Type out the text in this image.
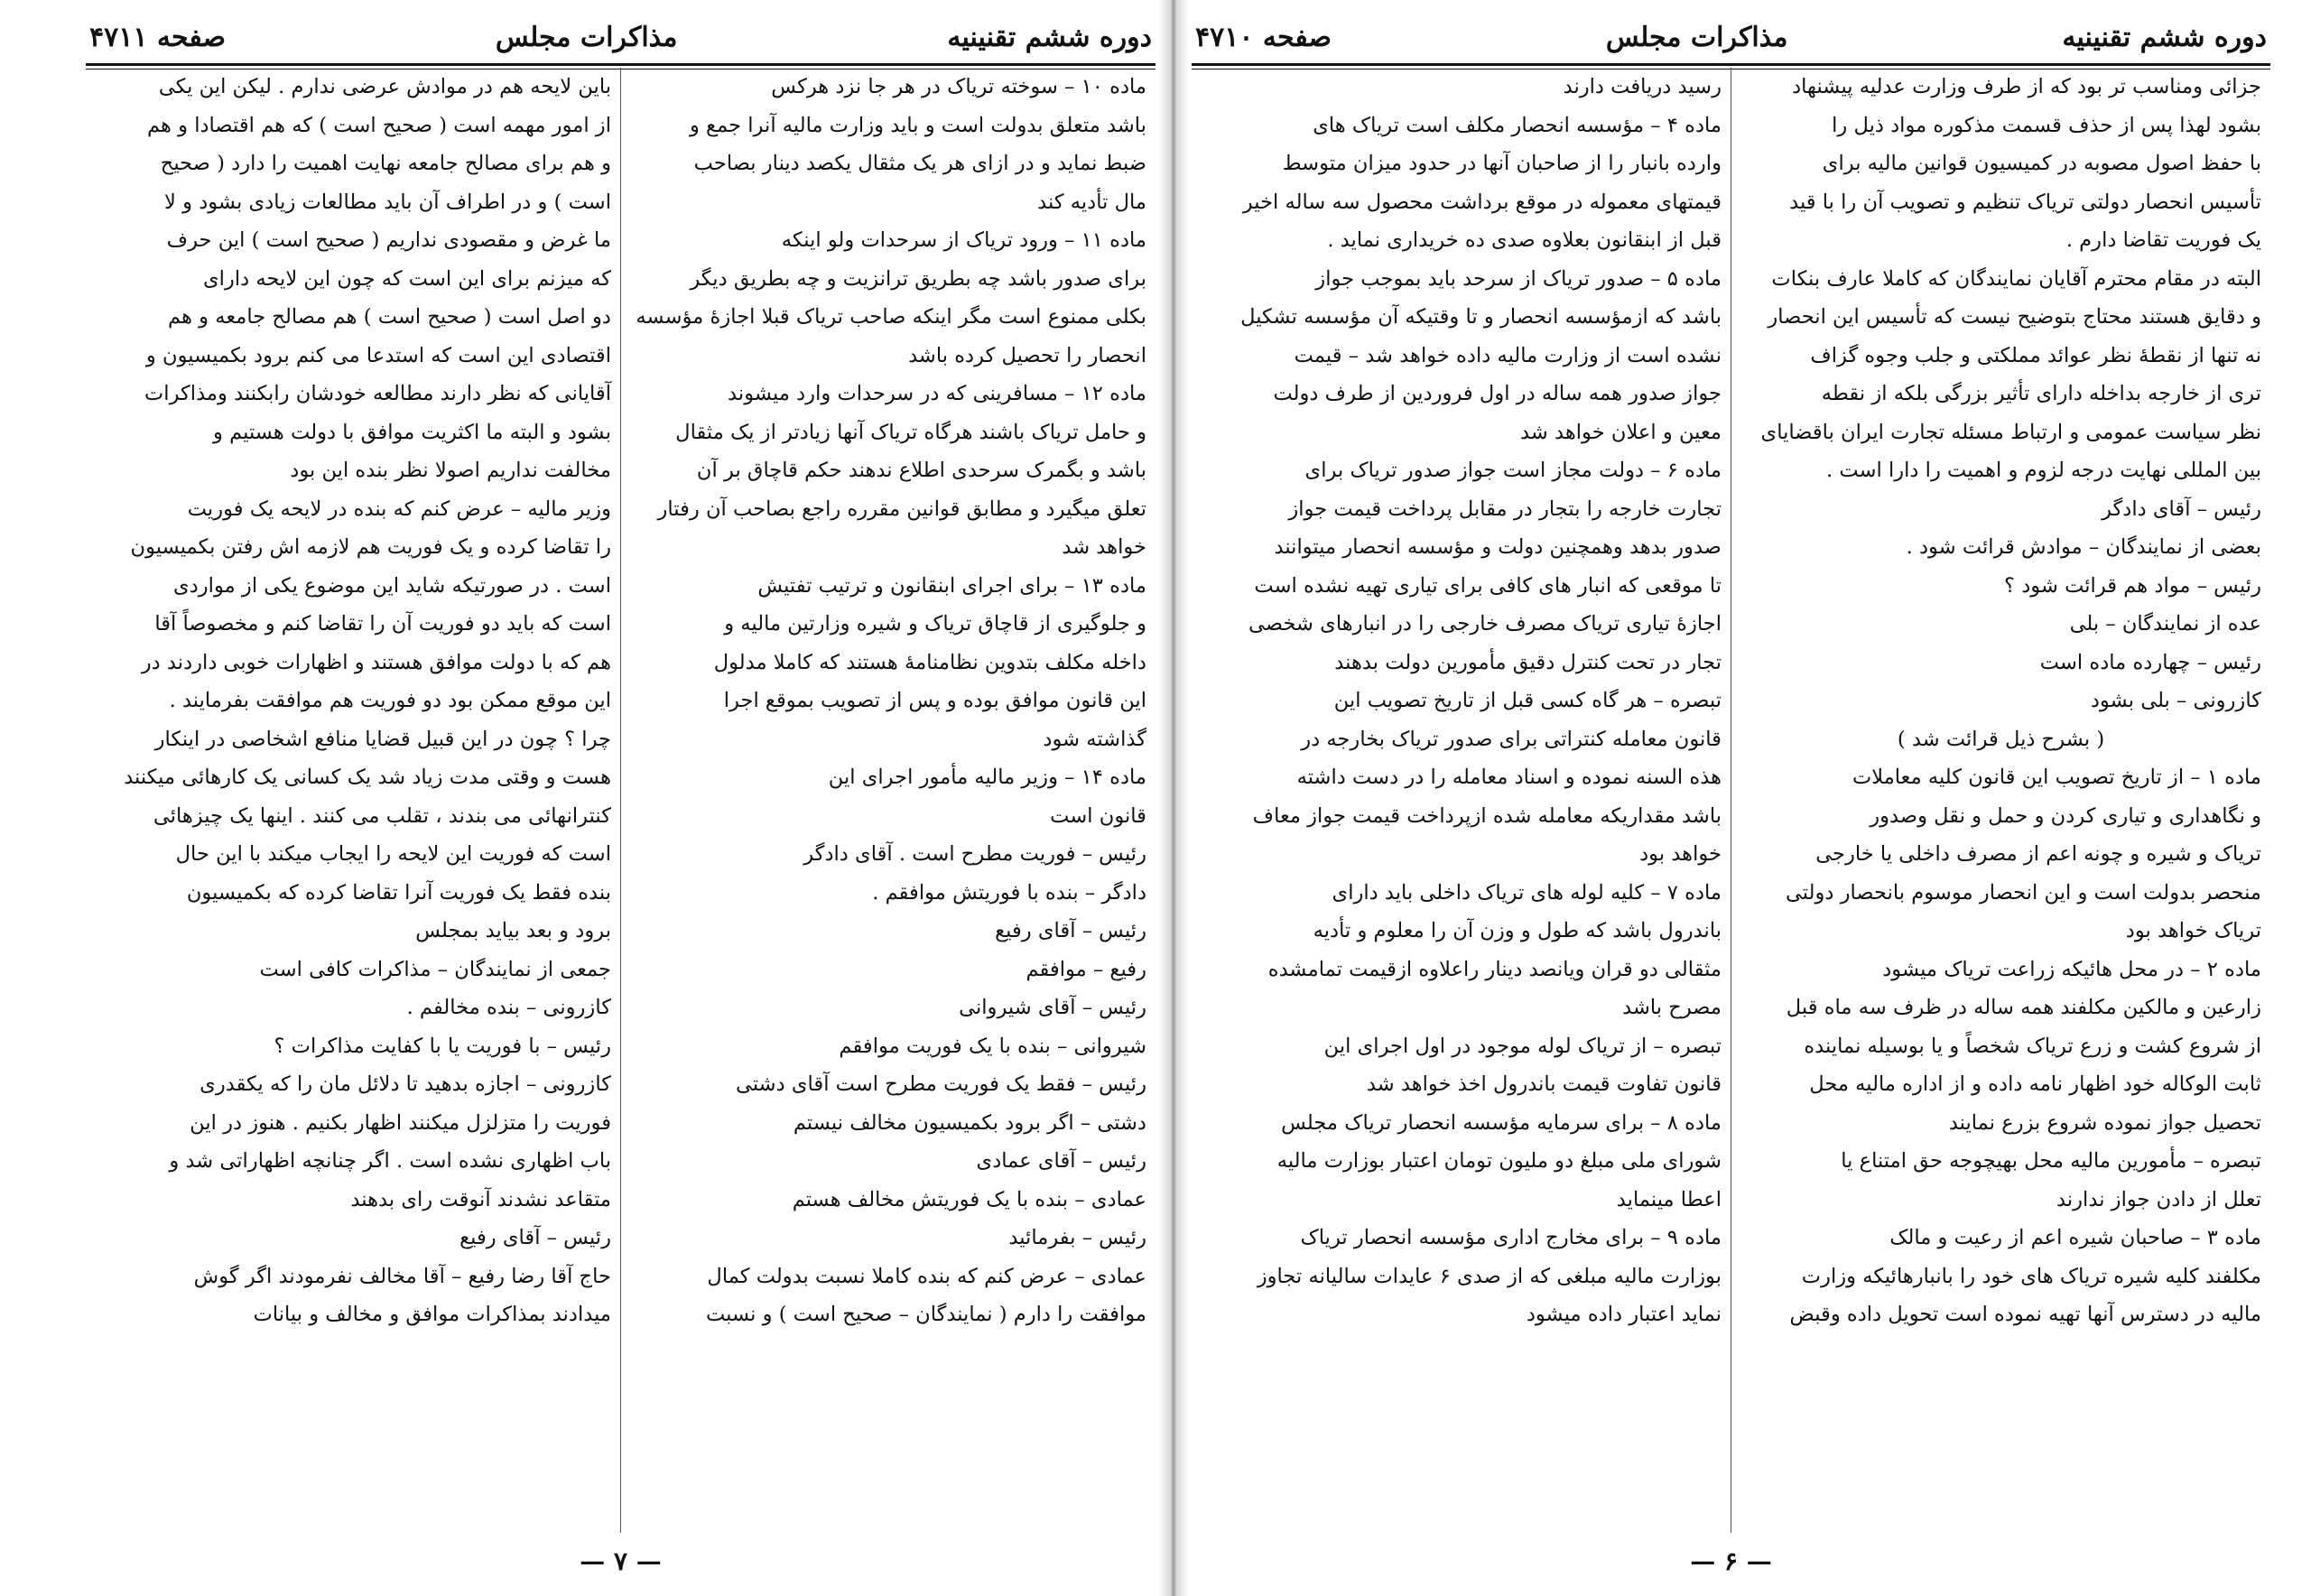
دوره ششم تقنینیه
مذاکرات مجلس
صفحه ۴۷۱۱

ماده ۱۰ – سوخته تریاک در هر جا نزد هرکس

باشد متعلق بدولت است و باید وزارت مالیه آنرا جمع و

ضبط نماید و در ازای هر یک مثقال یکصد دینار بصاحب

مال تأدیه کند

ماده ۱۱ – ورود تریاک از سرحدات ولو اینکه

برای صدور باشد چه بطریق ترانزیت و چه بطریق دیگر

بکلی ممنوع است مگر اینکه صاحب تریاک قبلا اجازهٔ مؤسسه

انحصار را تحصیل کرده باشد

ماده ۱۲ – مسافرینی که در سرحدات وارد میشوند

و حامل تریاک باشند هرگاه تریاک آنها زیادتر از یک مثقال

باشد و بگمرک سرحدی اطلاع ندهند حکم قاچاق بر آن

تعلق میگیرد و مطابق قوانین مقرره راجع بصاحب آن رفتار

خواهد شد

ماده ۱۳ – برای اجرای ابنقانون و ترتیب تفتیش

و جلوگیری از قاچاق تریاک و شیره وزارتین مالیه و

داخله مکلف بتدوین نظامنامهٔ هستند که کاملا مدلول

این قانون موافق بوده و پس از تصویب بموقع اجرا

گذاشته شود

ماده ۱۴ – وزیر مالیه مأمور اجرای این

قانون است

رئیس – فوریت مطرح است . آقای دادگر

دادگر – بنده با فوریتش موافقم .

رئیس – آقای رفیع

رفیع – موافقم

رئیس – آقای شیروانی

شیروانی – بنده با یک فوریت موافقم

رئیس – فقط یک فوریت مطرح است آقای دشتی

دشتی – اگر برود بکمیسیون مخالف نیستم

رئیس – آقای عمادی

عمادی – بنده با یک فوریتش مخالف هستم

رئیس – بفرمائید

عمادی – عرض کنم که بنده کاملا نسبت بدولت کمال

موافقت را دارم ( نمایندگان – صحیح است ) و نسبت

باین لایحه هم در موادش عرضی ندارم . لیکن این یکی

از امور مهمه است ( صحیح است ) که هم اقتصادا و هم

و هم برای مصالح جامعه نهایت اهمیت را دارد ( صحیح

است ) و در اطراف آن باید مطالعات زیادی بشود و لا

ما غرض و مقصودی نداریم ( صحیح است ) این حرف

که میزنم برای این است که چون این لایحه دارای

دو اصل است ( صحیح است ) هم مصالح جامعه و هم

اقتصادی این است که استدعا می کنم برود بکمیسیون و

آقایانی که نظر دارند مطالعه خودشان رابکنند ومذاکرات

بشود و البته ما اکثریت موافق با دولت هستیم و

مخالفت نداریم اصولا نظر بنده این بود

وزیر مالیه – عرض کنم که بنده در لایحه یک فوریت

را تقاضا کرده و یک فوریت هم لازمه اش رفتن بکمیسیون

است . در صورتیکه شاید این موضوع یکی از مواردی

است که باید دو فوریت آن را تقاضا کنم و مخصوصاً آقا

هم که با دولت موافق هستند و اظهارات خوبی داردند در

این موقع ممکن بود دو فوریت هم موافقت بفرمایند .

چرا ؟ چون در این قبیل قضایا منافع اشخاصی در اینکار

هست و وقتی مدت زیاد شد یک کسانی یک کارهائی میکنند

کنترانهائی می بندند ، تقلب می کنند . اینها یک چیزهائی

است که فوریت این لایحه را ایجاب میکند با این حال

بنده فقط یک فوریت آنرا تقاضا کرده که بکمیسیون

برود و بعد بیاید بمجلس

جمعی از نمایندگان – مذاکرات کافی است

کازرونی – بنده مخالفم .

رئیس – با فوریت یا با کفایت مذاکرات ؟

کازرونی – اجازه بدهید تا دلائل مان را که یکقدری

فوریت را متزلزل میکنند اظهار بکنیم . هنوز در این

باب اظهاری نشده است . اگر چنانچه اظهاراتی شد و

متقاعد نشدند آنوقت رای بدهند

رئیس – آقای رفیع

حاج آقا رضا رفیع – آقا مخالف نفرمودند اگر گوش

میدادند بمذاکرات موافق و مخالف و بیانات

— ۷ —
دوره ششم تقنینیه
مذاکرات مجلس
صفحه ۴۷۱۰

جزائی ومناسب تر بود که از طرف وزارت عدلیه پیشنهاد

بشود لهذا پس از حذف قسمت مذکوره مواد ذیل را

با حفظ اصول مصوبه در کمیسیون قوانین مالیه برای

تأسیس انحصار دولتی تریاک تنظیم و تصویب آن را با قید

یک فوریت تقاضا دارم .

البته در مقام محترم آقایان نمایندگان که کاملا عارف بنکات

و دقایق هستند محتاج بتوضیح نیست که تأسیس این انحصار

نه تنها از نقطهٔ نظر عوائد مملکتی و جلب وجوه گزاف

تری از خارجه بداخله دارای تأثیر بزرگی بلکه از نقطه

نظر سیاست عمومی و ارتباط مسئله تجارت ایران باقضایای

بین المللی نهایت درجه لزوم و اهمیت را دارا است .

رئیس – آقای دادگر

بعضی از نمایندگان – موادش قرائت شود .

رئیس – مواد هم قرائت شود ؟

عده از نمایندگان – بلی

رئیس – چهارده ماده است

کازرونی – بلی بشود

( بشرح ذیل قرائت شد )

ماده ۱ – از تاریخ تصویب این قانون کلیه معاملات

و نگاهداری و تیاری کردن و حمل و نقل وصدور

تریاک و شیره و چونه اعم از مصرف داخلی یا خارجی

منحصر بدولت است و این انحصار موسوم بانحصار دولتی

تریاک خواهد بود

ماده ۲ – در محل هائیکه زراعت تریاک میشود

زارعین و مالکین مکلفند همه ساله در ظرف سه ماه قبل

از شروع کشت و زرع تریاک شخصاً و یا بوسیله نماینده

ثابت الوکاله خود اظهار نامه داده و از اداره مالیه محل

تحصیل جواز نموده شروع بزرع نمایند

تبصره – مأمورین مالیه محل بهیچوجه حق امتناع یا

تعلل از دادن جواز ندارند

ماده ۳ – صاحبان شیره اعم از رعیت و مالک

مکلفند کلیه شیره تریاک های خود را بانبارهائیکه وزارت

مالیه در دسترس آنها تهیه نموده است تحویل داده وقبض

رسید دریافت دارند

ماده ۴ – مؤسسه انحصار مکلف است تریاک های

وارده بانبار را از صاحبان آنها در حدود میزان متوسط

قیمتهای معموله در موقع برداشت محصول سه ساله اخیر

قبل از ابنقانون بعلاوه صدی ده خریداری نماید .

ماده ۵ – صدور تریاک از سرحد باید بموجب جواز

باشد که ازمؤسسه انحصار و تا وقتیکه آن مؤسسه تشکیل

نشده است از وزارت مالیه داده خواهد شد – قیمت

جواز صدور همه ساله در اول فروردین از طرف دولت

معین و اعلان خواهد شد

ماده ۶ – دولت مجاز است جواز صدور تریاک برای

تجارت خارجه را بتجار در مقابل پرداخت قیمت جواز

صدور بدهد وهمچنین دولت و مؤسسه انحصار میتوانند

تا موقعی که انبار های کافی برای تیاری تهیه نشده است

اجازهٔ تیاری تریاک مصرف خارجی را در انبارهای شخصی

تجار در تحت کنترل دقیق مأمورین دولت بدهند

تبصره – هر گاه کسی قبل از تاریخ تصویب این

قانون معامله کنتراتی برای صدور تریاک بخارجه در

هذه السنه نموده و اسناد معامله را در دست داشته

باشد مقداریکه معامله شده ازپرداخت قیمت جواز معاف

خواهد بود

ماده ۷ – کلیه لوله های تریاک داخلی باید دارای

باندرول باشد که طول و وزن آن را معلوم و تأدیه

مثقالی دو قران ویانصد دینار راعلاوه ازقیمت تمامشده

مصرح باشد

تبصره – از تریاک لوله موجود در اول اجرای این

قانون تفاوت قیمت باندرول اخذ خواهد شد

ماده ۸ – برای سرمایه مؤسسه انحصار تریاک مجلس

شورای ملی مبلغ دو ملیون تومان اعتبار بوزارت مالیه

اعطا مینماید

ماده ۹ – برای مخارج اداری مؤسسه انحصار تریاک

بوزارت مالیه مبلغی که از صدی ۶ عایدات سالیانه تجاوز

نماید اعتبار داده میشود

— ۶ —
